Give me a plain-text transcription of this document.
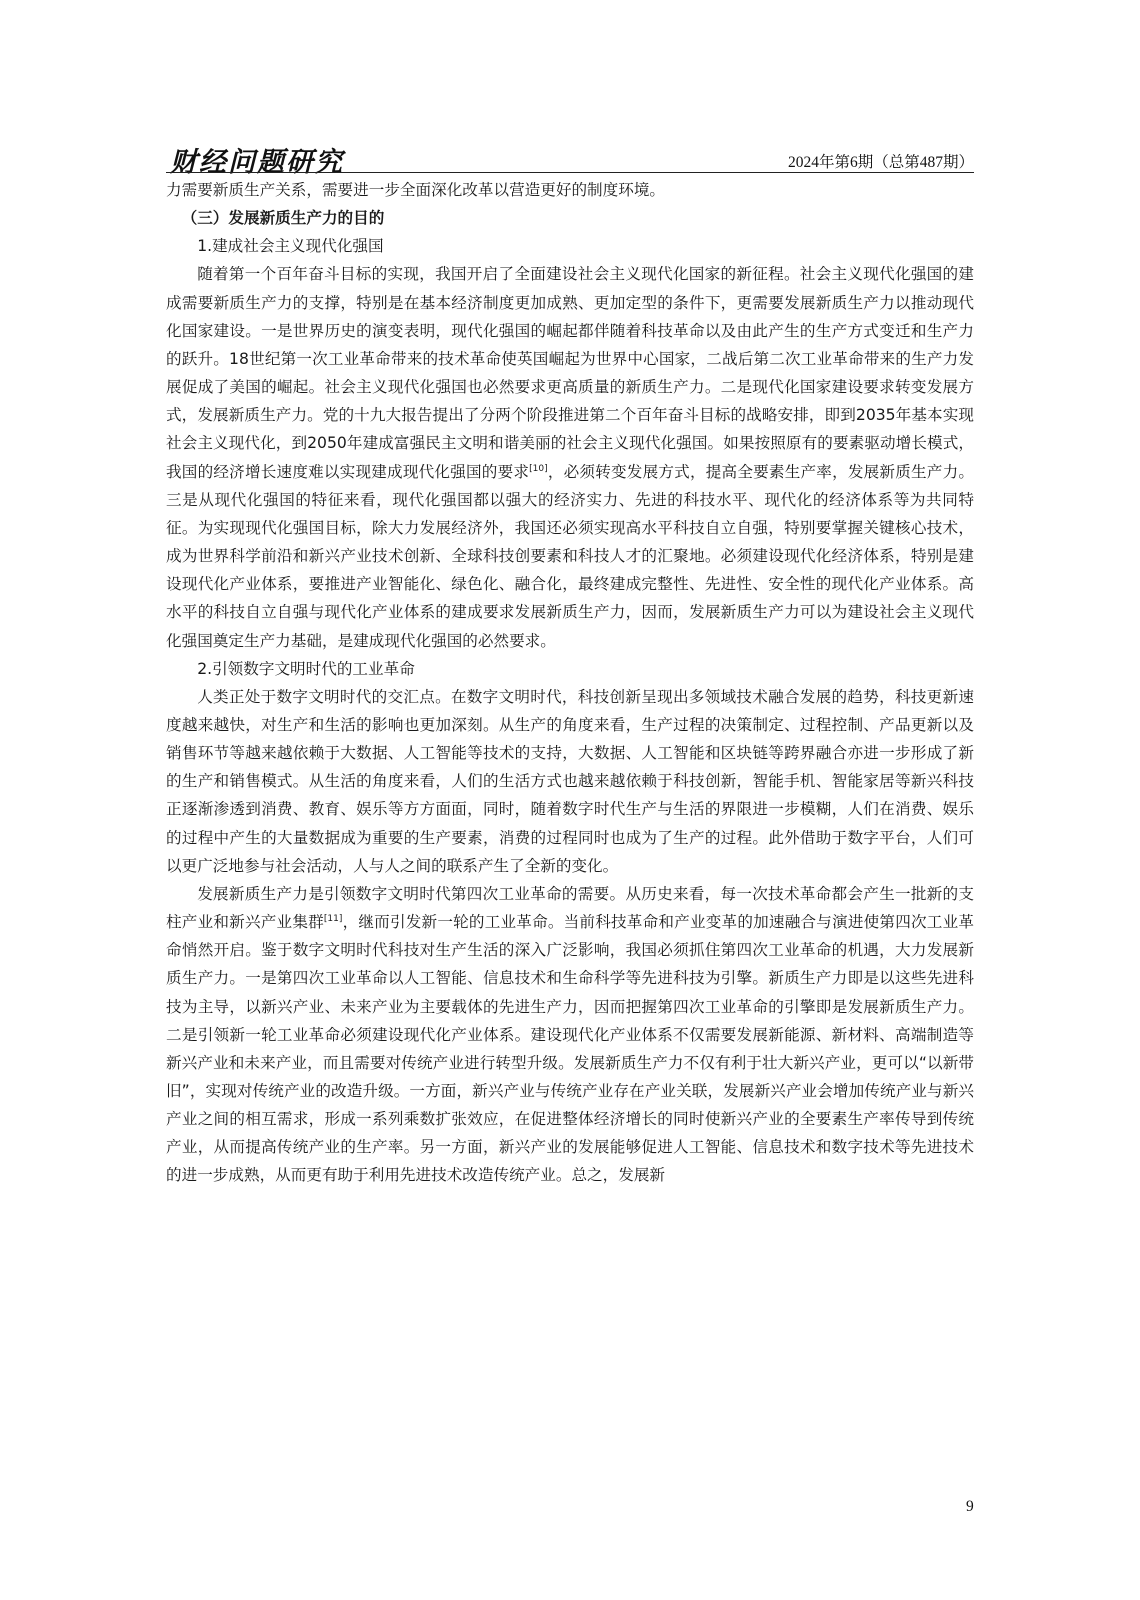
财经问题研究	2024年第6期（总第487期）

力需要新质生产关系，需要进一步全面深化改革以营造更好的制度环境。

（三）发展新质生产力的目的
1.建成社会主义现代化强国

随着第一个百年奋斗目标的实现，我国开启了全面建设社会主义现代化国家的新征程。社会主义现代化强国的建成需要新质生产力的支撑，特别是在基本经济制度更加成熟、更加定型的条件下，更需要发展新质生产力以推动现代化国家建设。一是世界历史的演变表明，现代化强国的崛起都伴随着科技革命以及由此产生的生产方式变迁和生产力的跃升。18世纪第一次工业革命带来的技术革命使英国崛起为世界中心国家，二战后第二次工业革命带来的生产力发展促成了美国的崛起。社会主义现代化强国也必然要求更高质量的新质生产力。二是现代化国家建设要求转变发展方式，发展新质生产力。党的十九大报告提出了分两个阶段推进第二个百年奋斗目标的战略安排，即到2035年基本实现社会主义现代化，到2050年建成富强民主文明和谐美丽的社会主义现代化强国。如果按照原有的要素驱动增长模式，我国的经济增长速度难以实现建成现代化强国的要求[10]，必须转变发展方式，提高全要素生产率，发展新质生产力。三是从现代化强国的特征来看，现代化强国都以强大的经济实力、先进的科技水平、现代化的经济体系等为共同特征。为实现现代化强国目标，除大力发展经济外，我国还必须实现高水平科技自立自强，特别要掌握关键核心技术，成为世界科学前沿和新兴产业技术创新、全球科技创要素和科技人才的汇聚地。必须建设现代化经济体系，特别是建设现代化产业体系，要推进产业智能化、绿色化、融合化，最终建成完整性、先进性、安全性的现代化产业体系。高水平的科技自立自强与现代化产业体系的建成要求发展新质生产力，因而，发展新质生产力可以为建设社会主义现代化强国奠定生产力基础，是建成现代化强国的必然要求。

2.引领数字文明时代的工业革命

人类正处于数字文明时代的交汇点。在数字文明时代，科技创新呈现出多领域技术融合发展的趋势，科技更新速度越来越快，对生产和生活的影响也更加深刻。从生产的角度来看，生产过程的决策制定、过程控制、产品更新以及销售环节等越来越依赖于大数据、人工智能等技术的支持，大数据、人工智能和区块链等跨界融合亦进一步形成了新的生产和销售模式。从生活的角度来看，人们的生活方式也越来越依赖于科技创新，智能手机、智能家居等新兴科技正逐渐渗透到消费、教育、娱乐等方方面面，同时，随着数字时代生产与生活的界限进一步模糊，人们在消费、娱乐的过程中产生的大量数据成为重要的生产要素，消费的过程同时也成为了生产的过程。此外借助于数字平台，人们可以更广泛地参与社会活动，人与人之间的联系产生了全新的变化。

发展新质生产力是引领数字文明时代第四次工业革命的需要。从历史来看，每一次技术革命都会产生一批新的支柱产业和新兴产业集群[11]，继而引发新一轮的工业革命。当前科技革命和产业变革的加速融合与演进使第四次工业革命悄然开启。鉴于数字文明时代科技对生产生活的深入广泛影响，我国必须抓住第四次工业革命的机遇，大力发展新质生产力。一是第四次工业革命以人工智能、信息技术和生命科学等先进科技为引擎。新质生产力即是以这些先进科技为主导，以新兴产业、未来产业为主要载体的先进生产力，因而把握第四次工业革命的引擎即是发展新质生产力。二是引领新一轮工业革命必须建设现代化产业体系。建设现代化产业体系不仅需要发展新能源、新材料、高端制造等新兴产业和未来产业，而且需要对传统产业进行转型升级。发展新质生产力不仅有利于壮大新兴产业，更可以“以新带旧”，实现对传统产业的改造升级。一方面，新兴产业与传统产业存在产业关联，发展新兴产业会增加传统产业与新兴产业之间的相互需求，形成一系列乘数扩张效应，在促进整体经济增长的同时使新兴产业的全要素生产率传导到传统产业，从而提高传统产业的生产率。另一方面，新兴产业的发展能够促进人工智能、信息技术和数字技术等先进技术的进一步成熟，从而更有助于利用先进技术改造传统产业。总之，发展新

9
